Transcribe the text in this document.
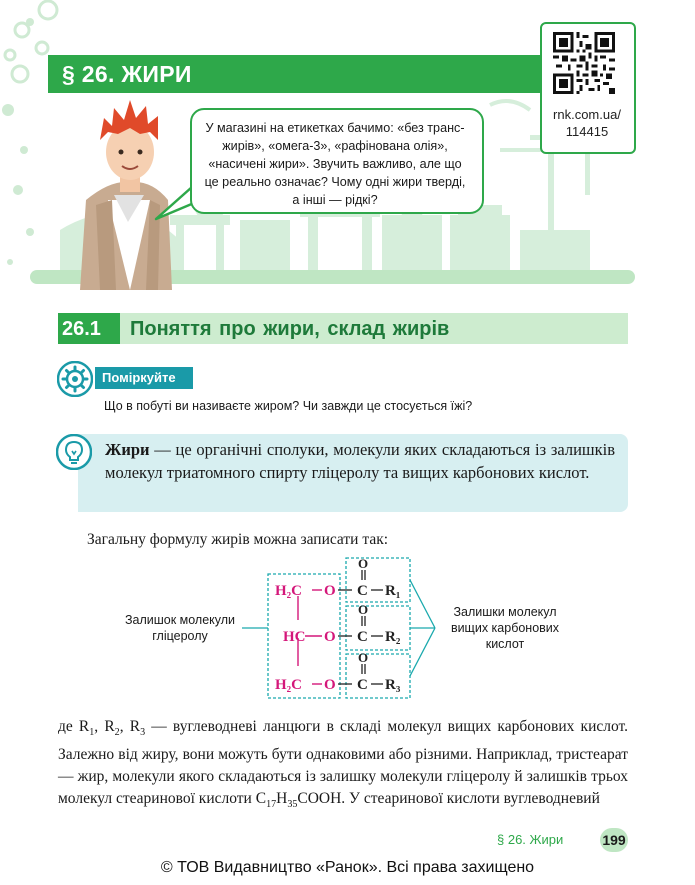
§ 26. ЖИРИ
rnk.com.ua/
114415
У магазині на етикетках бачимо: «без транс-жирів», «омега-3», «рафінована олія», «насичені жири». Звучить важливо, але що це реально означає? Чому одні жири тверді, а інші — рідкі?
26.1 Поняття про жири, склад жирів
Поміркуйте
Що в побуті ви називаєте жиром? Чи завжди це стосується їжі?
Жири — це органічні сполуки, молекули яких складаються із залишків молекул триатомного спирту гліцеролу та вищих карбонових кислот.
Загальну формулу жирів можна записати так:
H₂C
HC
H₂C
O
O
O
O
O
O
C
C
C
R₁
R₂
R₃
Залишок молекули
гліцеролу
Залишки молекул
вищих карбонових
кислот
де $R_1$, $R_2$, $R_3$ — вуглеводневі ланцюги в складі молекул вищих карбонових кислот. Залежно від жиру, вони можуть бути однаковими або різними. Наприклад, тристеарат — жир, молекули якого складаються із залишку молекули гліцеролу й залишків трьох молекул стеаринової кислоти $C_{17}H_{35}COOH$. У стеаринової кислоти вуглеводневий
§ 26. Жири	199
© ТОВ Видавництво «Ранок». Всі права захищено
